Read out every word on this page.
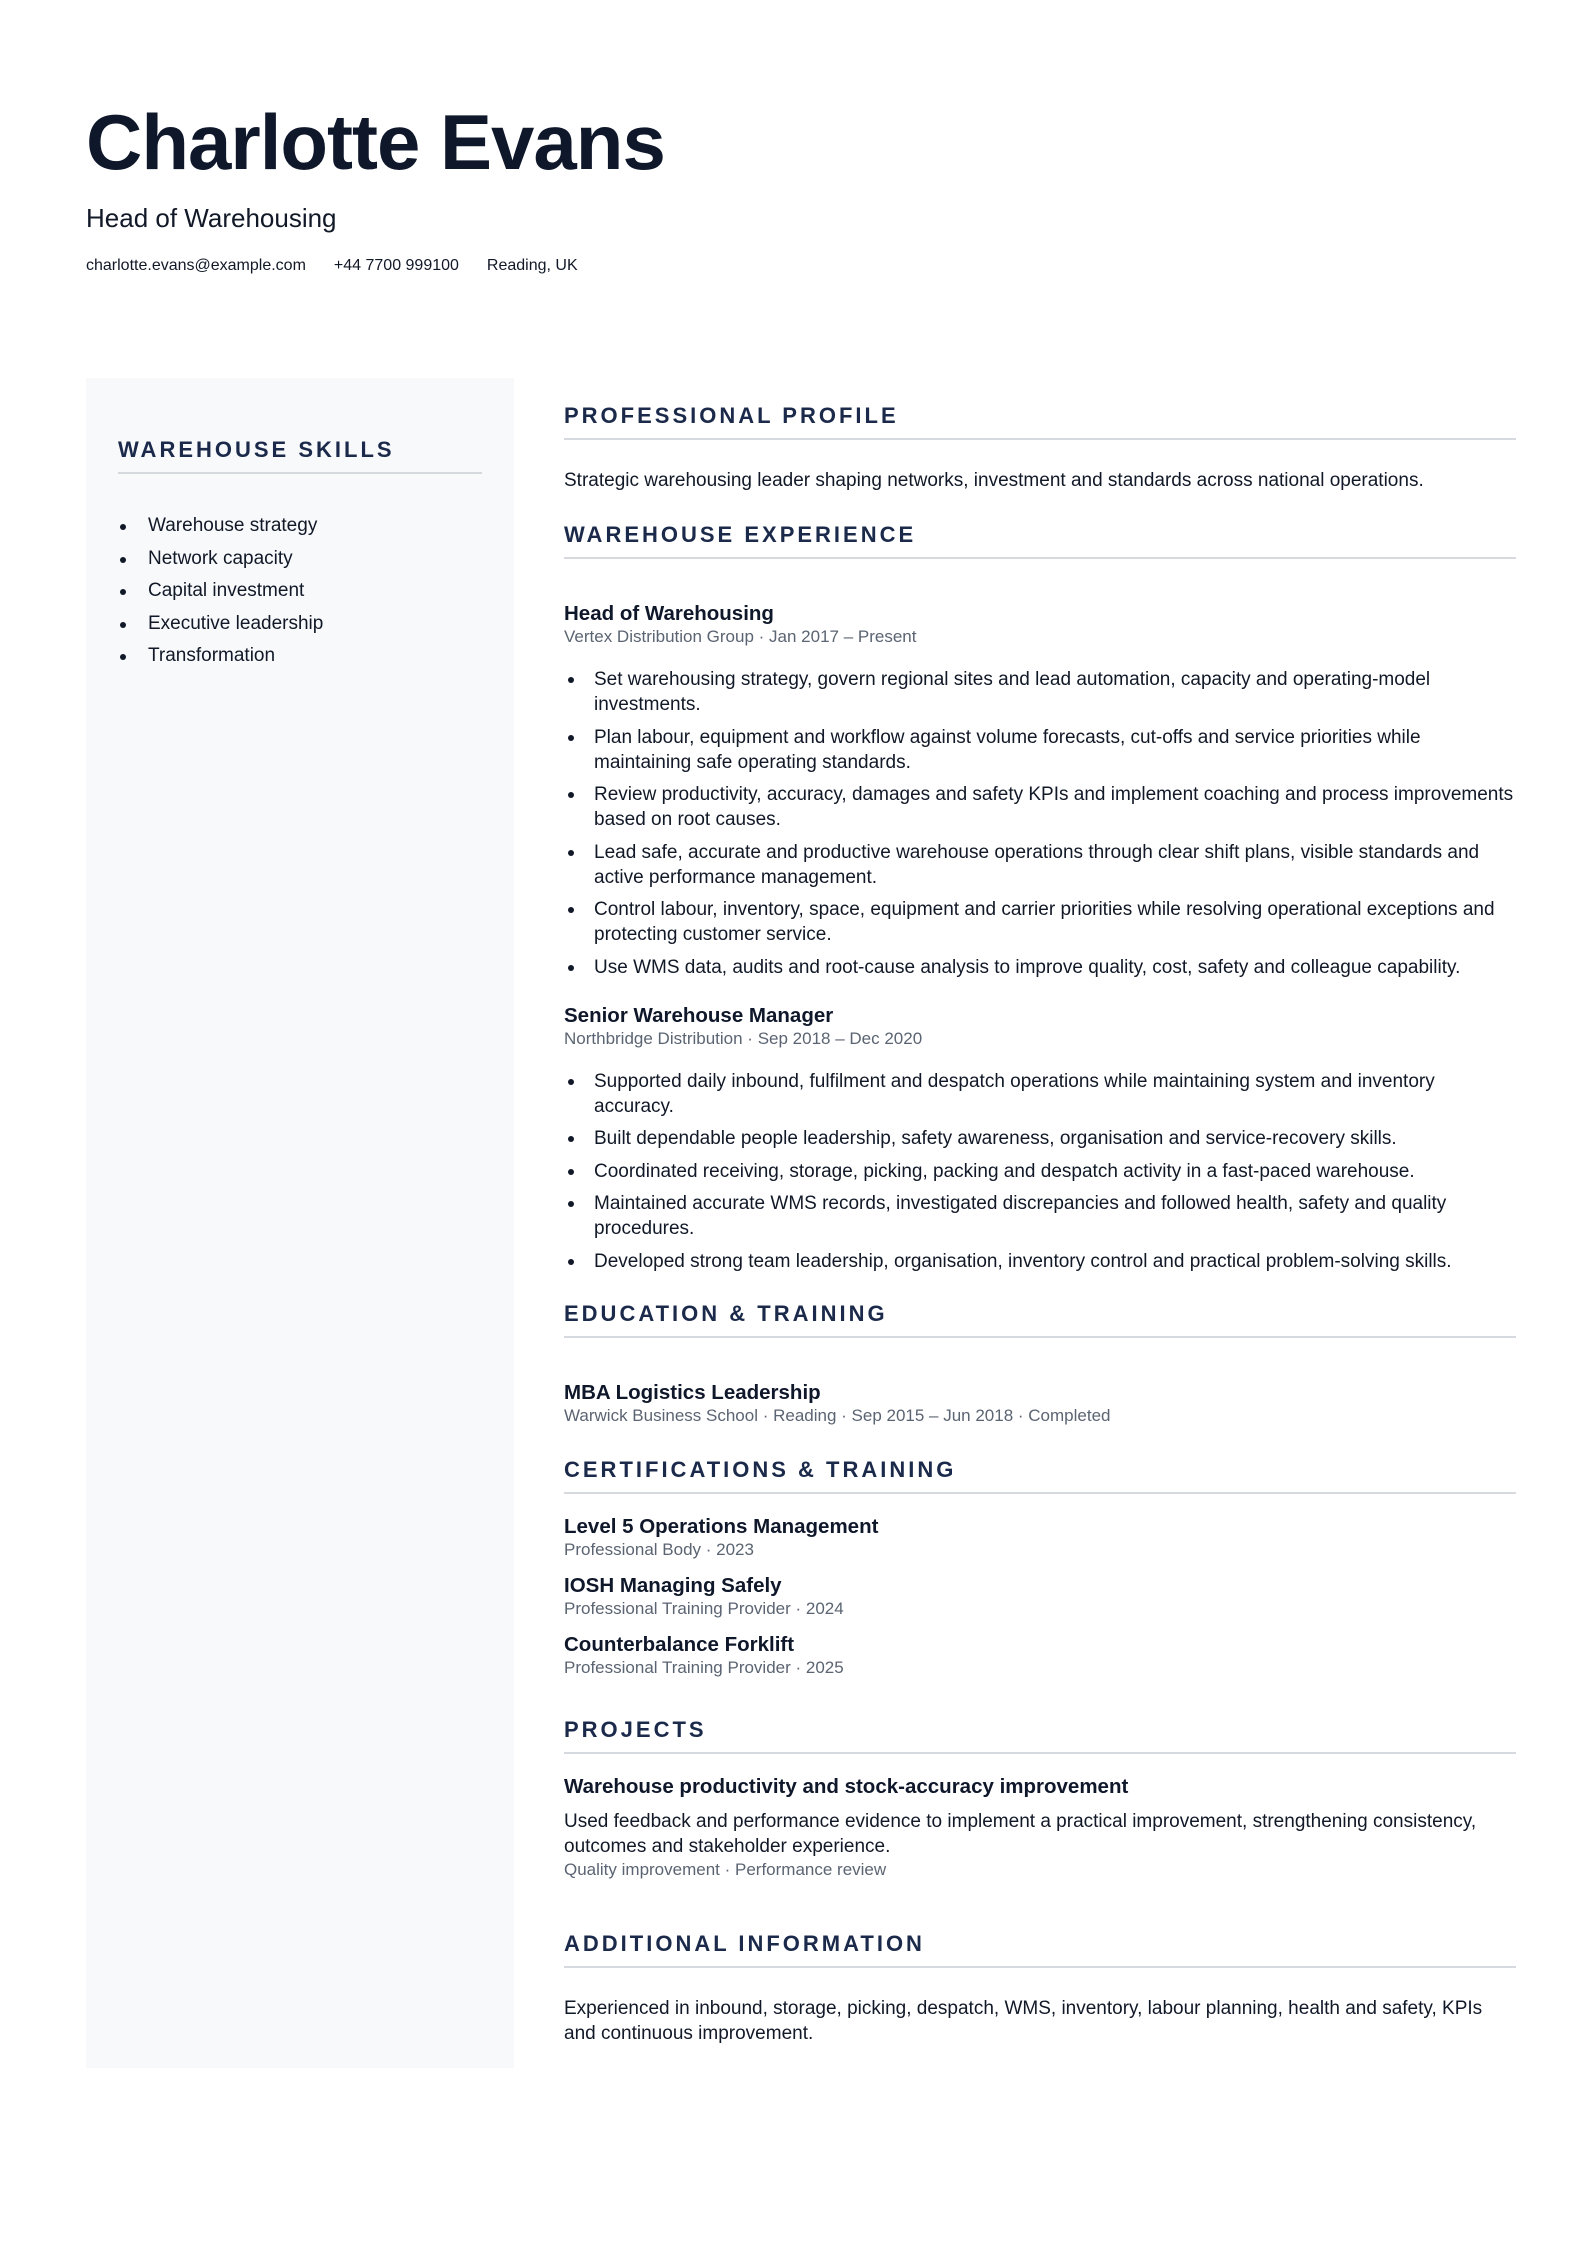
Charlotte Evans
Head of Warehousing
charlotte.evans@example.com +44 7700 999100 Reading, UK
WAREHOUSE SKILLS
Warehouse strategy
Network capacity
Capital investment
Executive leadership
Transformation
PROFESSIONAL PROFILE

Strategic warehousing leader shaping networks, investment and standards across national operations.

WAREHOUSE EXPERIENCE
Head of Warehousing
Vertex Distribution Group · Jan 2017 – Present
Set warehousing strategy, govern regional sites and lead automation, capacity and operating-model investments.
Plan labour, equipment and workflow against volume forecasts, cut-offs and service priorities while maintaining safe operating standards.
Review productivity, accuracy, damages and safety KPIs and implement coaching and process improvements based on root causes.
Lead safe, accurate and productive warehouse operations through clear shift plans, visible standards and active performance management.
Control labour, inventory, space, equipment and carrier priorities while resolving operational exceptions and protecting customer service.
Use WMS data, audits and root-cause analysis to improve quality, cost, safety and colleague capability.
Senior Warehouse Manager
Northbridge Distribution · Sep 2018 – Dec 2020
Supported daily inbound, fulfilment and despatch operations while maintaining system and inventory accuracy.
Built dependable people leadership, safety awareness, organisation and service-recovery skills.
Coordinated receiving, storage, picking, packing and despatch activity in a fast-paced warehouse.
Maintained accurate WMS records, investigated discrepancies and followed health, safety and quality procedures.
Developed strong team leadership, organisation, inventory control and practical problem-solving skills.
EDUCATION & TRAINING
MBA Logistics Leadership
Warwick Business School · Reading · Sep 2015 – Jun 2018 · Completed
CERTIFICATIONS & TRAINING
Level 5 Operations Management
Professional Body · 2023
IOSH Managing Safely
Professional Training Provider · 2024
Counterbalance Forklift
Professional Training Provider · 2025
PROJECTS
Warehouse productivity and stock-accuracy improvement

Used feedback and performance evidence to implement a practical improvement, strengthening consistency, outcomes and stakeholder experience.

Quality improvement · Performance review
ADDITIONAL INFORMATION

Experienced in inbound, storage, picking, despatch, WMS, inventory, labour planning, health and safety, KPIs and continuous improvement.
